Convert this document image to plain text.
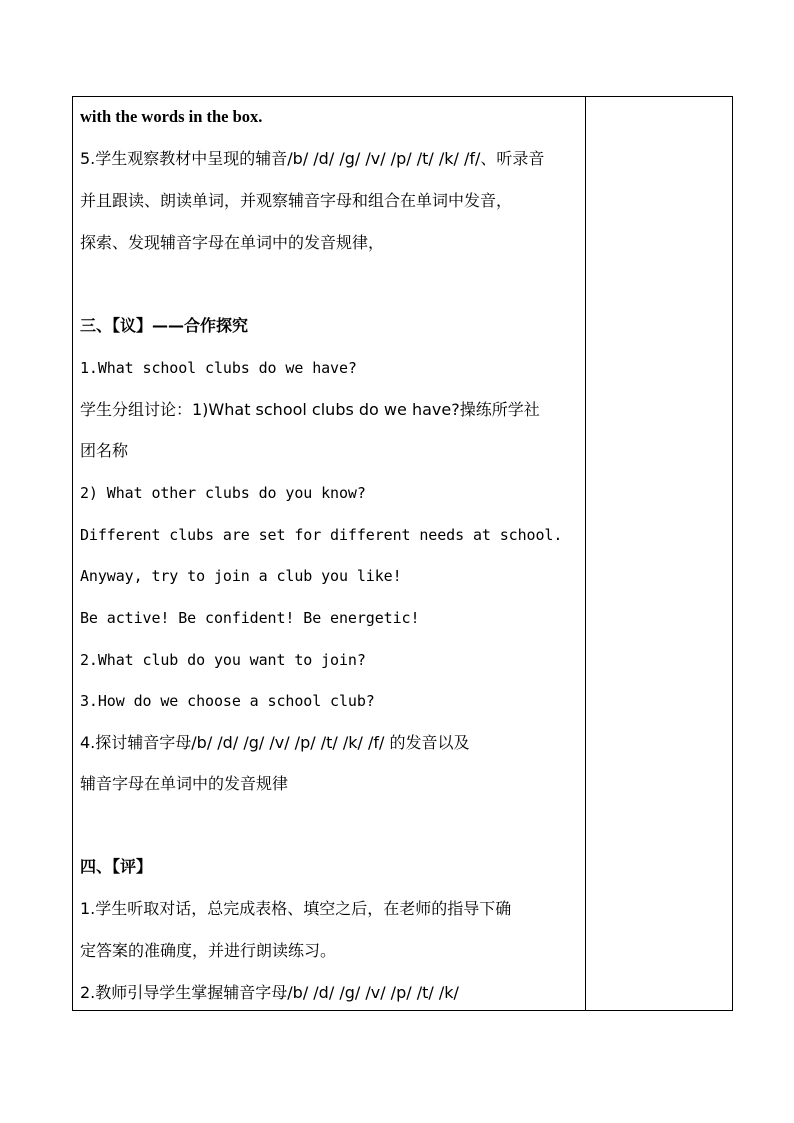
with the words in the box.
5.学生观察教材中呈现的辅音/b/ /d/ /g/ /v/ /p/ /t/ /k/ /f/、听录音
并且跟读、朗读单词，并观察辅音字母和组合在单词中发音，
探索、发现辅音字母在单词中的发音规律，
三、【议】——合作探究
1.What school clubs do we have?
学生分组讨论：1)What school clubs do we have?操练所学社
团名称
2) What other clubs do you know?
Different clubs are set for different needs at school.
Anyway, try to join a club you like!
Be active! Be confident! Be energetic!
2.What club do you want to join?
3.How do we choose a school club?
4.探讨辅音字母/b/ /d/ /g/ /v/ /p/ /t/ /k/ /f/ 的发音以及
辅音字母在单词中的发音规律
四、【评】
1.学生听取对话，总完成表格、填空之后，在老师的指导下确
定答案的准确度，并进行朗读练习。
2.教师引导学生掌握辅音字母/b/ /d/ /g/ /v/ /p/ /t/ /k/
